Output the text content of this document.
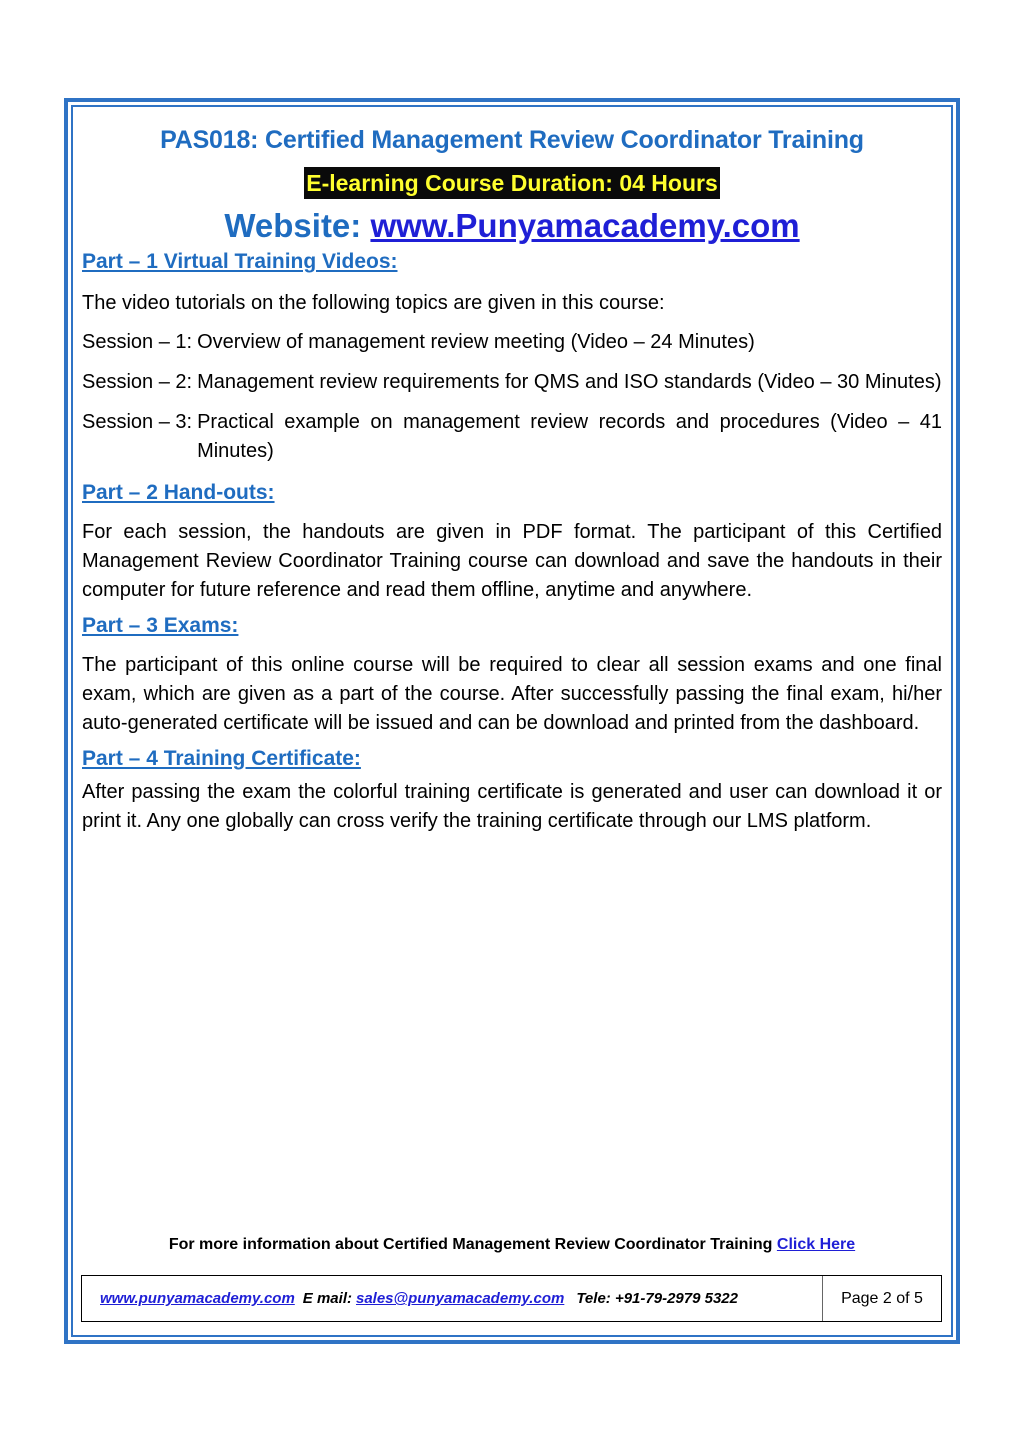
PAS018: Certified Management Review Coordinator Training
E-learning Course Duration: 04 Hours
Website: www.Punyamacademy.com
Part – 1 Virtual Training Videos:

The video tutorials on the following topics are given in this course:

Session – 1: Overview of management review meeting (Video – 24 Minutes)
Session – 2: Management review requirements for QMS and ISO standards (Video – 30 Minutes)
Session – 3: Practical example on management review records and procedures (Video – 41 Minutes)
Part – 2 Hand-outs:

For each session, the handouts are given in PDF format. The participant of this Certified Management Review Coordinator Training course can download and save the handouts in their computer for future reference and read them offline, anytime and anywhere.

Part – 3 Exams:

The participant of this online course will be required to clear all session exams and one final exam, which are given as a part of the course. After successfully passing the final exam, hi/her auto-generated certificate will be issued and can be download and printed from the dashboard.

Part – 4 Training Certificate:

After passing the exam the colorful training certificate is generated and user can download it or print it. Any one globally can cross verify the training certificate through our LMS platform.

For more information about Certified Management Review Coordinator Training Click Here
www.punyamacademy.com E mail: sales@punyamacademy.com Tele: +91-79-2979 5322	Page 2 of 5
